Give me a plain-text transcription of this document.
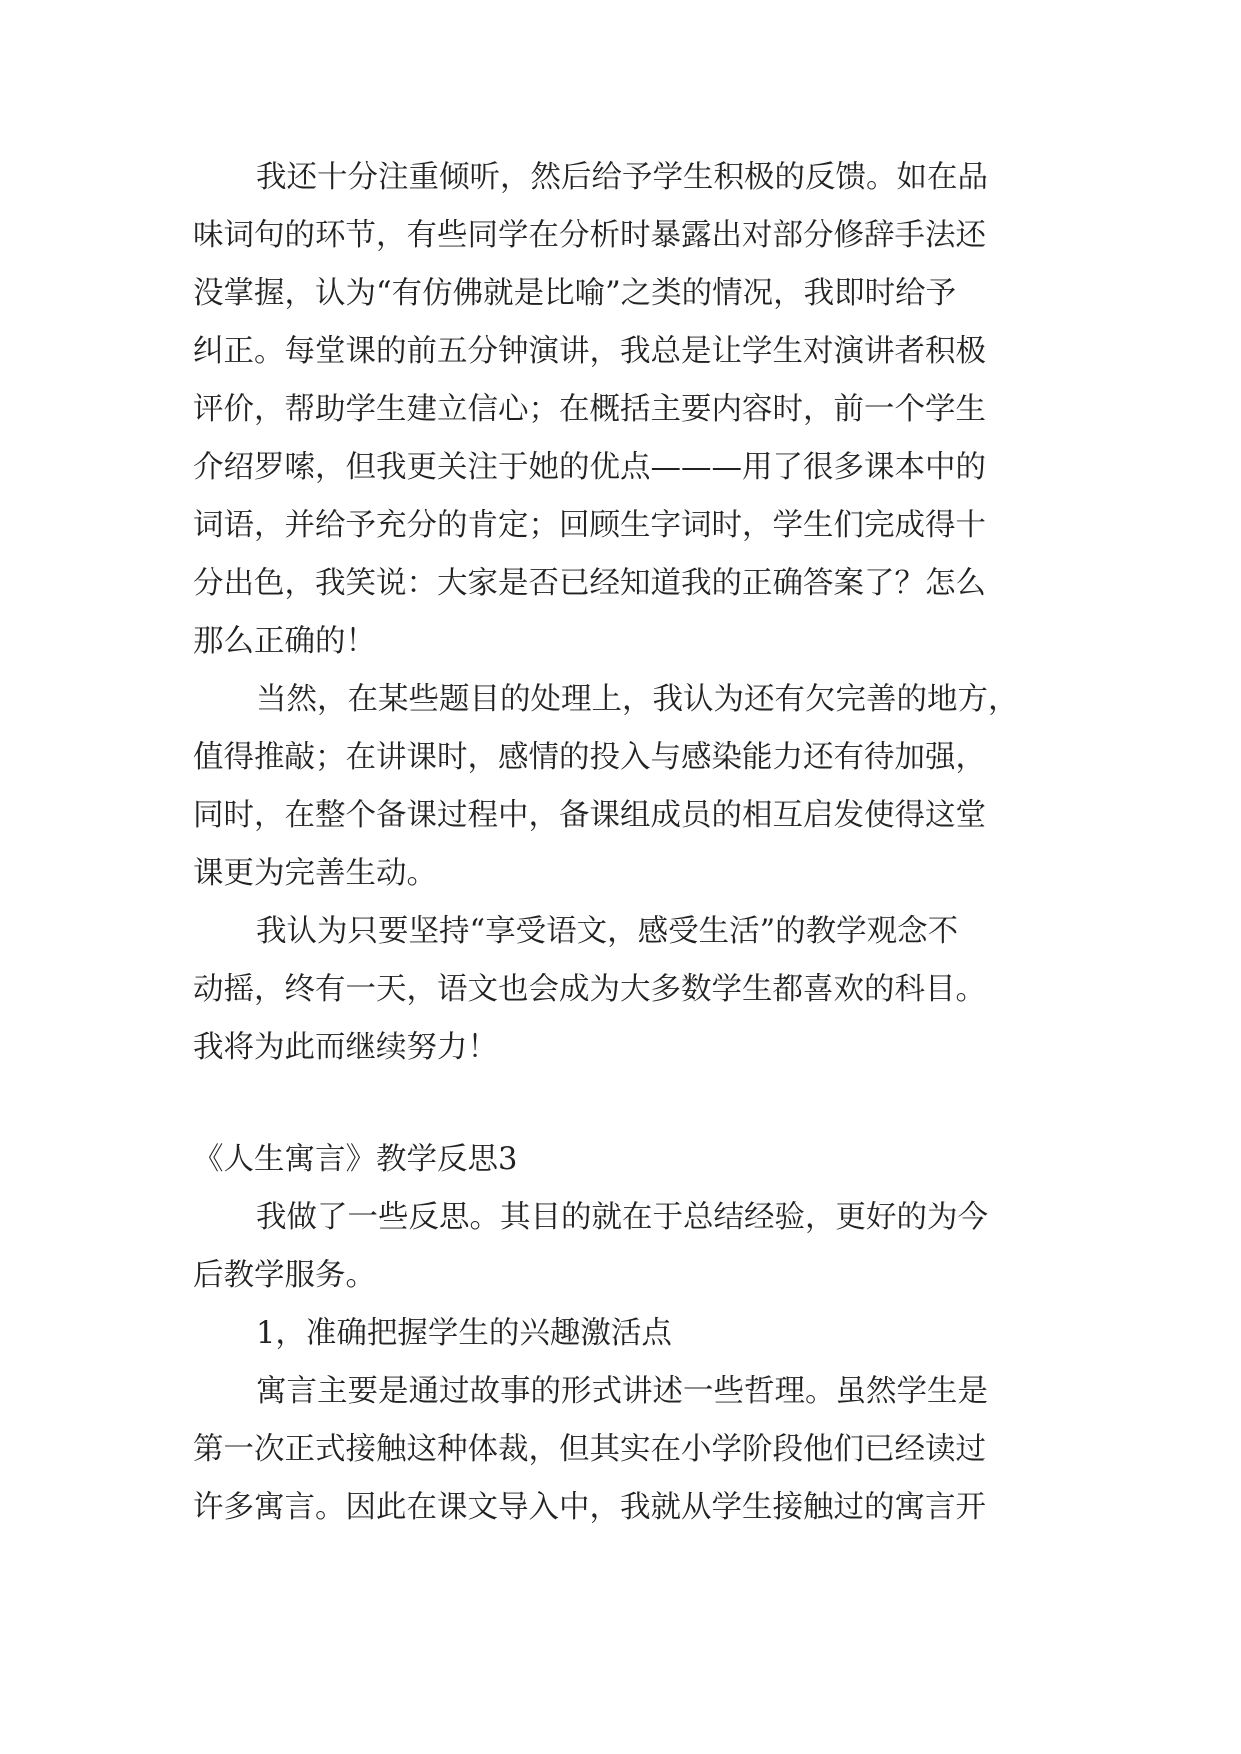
我还十分注重倾听，然后给予学生积极的反馈。如在品
味词句的环节，有些同学在分析时暴露出对部分修辞手法还
没掌握，认为“有仿佛就是比喻”之类的情况，我即时给予
纠正。每堂课的前五分钟演讲，我总是让学生对演讲者积极
评价，帮助学生建立信心；在概括主要内容时，前一个学生
介绍罗嗦，但我更关注于她的优点———用了很多课本中的
词语，并给予充分的肯定；回顾生字词时，学生们完成得十
分出色，我笑说：大家是否已经知道我的正确答案了？怎么
那么正确的！
当然，在某些题目的处理上，我认为还有欠完善的地方，
值得推敲；在讲课时，感情的投入与感染能力还有待加强，
同时，在整个备课过程中，备课组成员的相互启发使得这堂
课更为完善生动。
我认为只要坚持“享受语文，感受生活”的教学观念不
动摇，终有一天，语文也会成为大多数学生都喜欢的科目。
我将为此而继续努力！
《人生寓言》教学反思3
我做了一些反思。其目的就在于总结经验，更好的为今
后教学服务。
1，准确把握学生的兴趣激活点
寓言主要是通过故事的形式讲述一些哲理。虽然学生是
第一次正式接触这种体裁，但其实在小学阶段他们已经读过
许多寓言。因此在课文导入中，我就从学生接触过的寓言开
